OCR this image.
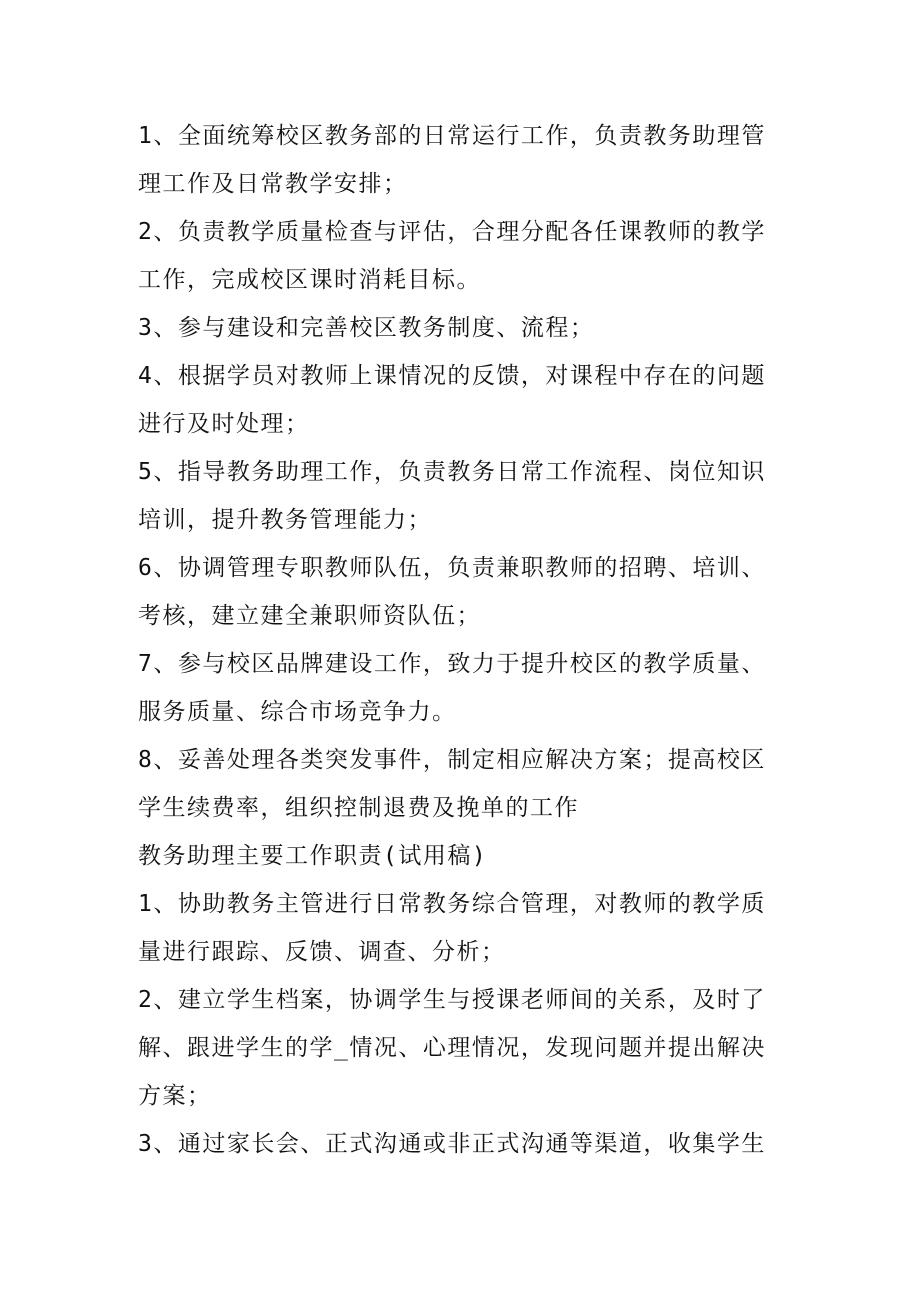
1、全面统筹校区教务部的日常运行工作，负责教务助理管理工作及日常教学安排；

2、负责教学质量检查与评估，合理分配各任课教师的教学工作，完成校区课时消耗目标。

3、参与建设和完善校区教务制度、流程；

4、根据学员对教师上课情况的反馈，对课程中存在的问题进行及时处理；

5、指导教务助理工作，负责教务日常工作流程、岗位知识培训，提升教务管理能力；

6、协调管理专职教师队伍，负责兼职教师的招聘、培训、考核，建立建全兼职师资队伍；

7、参与校区品牌建设工作，致力于提升校区的教学质量、服务质量、综合市场竞争力。

8、妥善处理各类突发事件，制定相应解决方案；提高校区学生续费率，组织控制退费及挽单的工作

教务助理主要工作职责(试用稿)

1、协助教务主管进行日常教务综合管理，对教师的教学质量进行跟踪、反馈、调查、分析；

2、建立学生档案，协调学生与授课老师间的关系，及时了解、跟进学生的学_情况、心理情况，发现问题并提出解决方案；

3、通过家长会、正式沟通或非正式沟通等渠道，收集学生
